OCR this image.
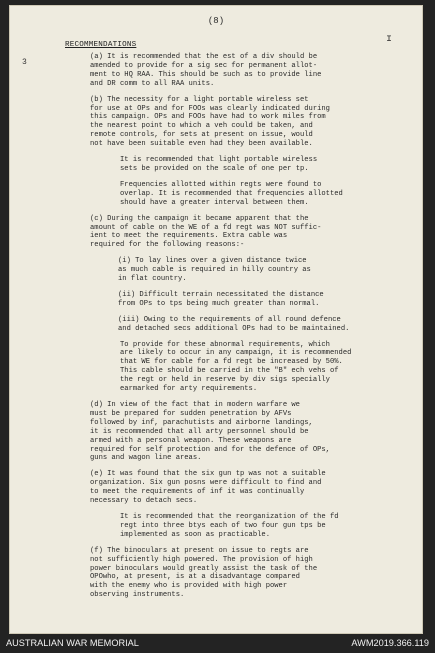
(8)
ɪ
RECOMMENDATIONS
3

(a) It is recommended that the est of a div should be
amended to provide for a sig sec for permanent allot-
ment to HQ RAA. This should be such as to provide line
and DR comm to all RAA units.

(b) The necessity for a light portable wireless set
for use at OPs and for FOOs was clearly indicated during
this campaign. OPs and FOOs have had to work miles from
the nearest point to which a veh could be taken, and
remote controls, for sets at present on issue, would
not have been suitable even had they been available.

It is recommended that light portable wireless
sets be provided on the scale of one per tp.

Frequencies allotted within regts were found to
overlap. It is recommended that frequencies allotted
should have a greater interval between them.

(c) During the campaign it became apparent that the
amount of cable on the WE of a fd regt was NOT suffic-
ient to meet the requirements. Extra cable was
required for the following reasons:-

(i) To lay lines over a given distance twice
as much cable is required in hilly country as
in flat country.

(ii) Difficult terrain necessitated the distance
from OPs to tps being much greater than normal.

(iii) Owing to the requirements of all round defence
and detached secs additional OPs had to be maintained.

To provide for these abnormal requirements, which
are likely to occur in any campaign, it is recommended
that WE for cable for a fd regt be increased by 50%.
This cable should be carried in the "B" ech vehs of
the regt or held in reserve by div sigs specially
earmarked for arty requirements.

(d) In view of the fact that in modern warfare we
must be prepared for sudden penetration by AFVs
followed by inf, parachutists and airborne landings,
it is recommended that all arty personnel should be
armed with a personal weapon. These weapons are
required for self protection and for the defence of OPs,
guns and wagon line areas.

(e) It was found that the six gun tp was not a suitable
organization. Six gun posns were difficult to find and
to meet the requirements of inf it was continually
necessary to detach secs.

It is recommended that the reorganization of the fd
regt into three btys each of two four gun tps be
implemented as soon as practicable.

(f) The binoculars at present on issue to regts are
not sufficiently high powered. The provision of high
power binoculars would greatly assist the task of the
OPOwho, at present, is at a disadvantage compared
with the enemy who is provided with high power
observing instruments.

AUSTRALIAN WAR MEMORIAL	AWM2019.366.119
